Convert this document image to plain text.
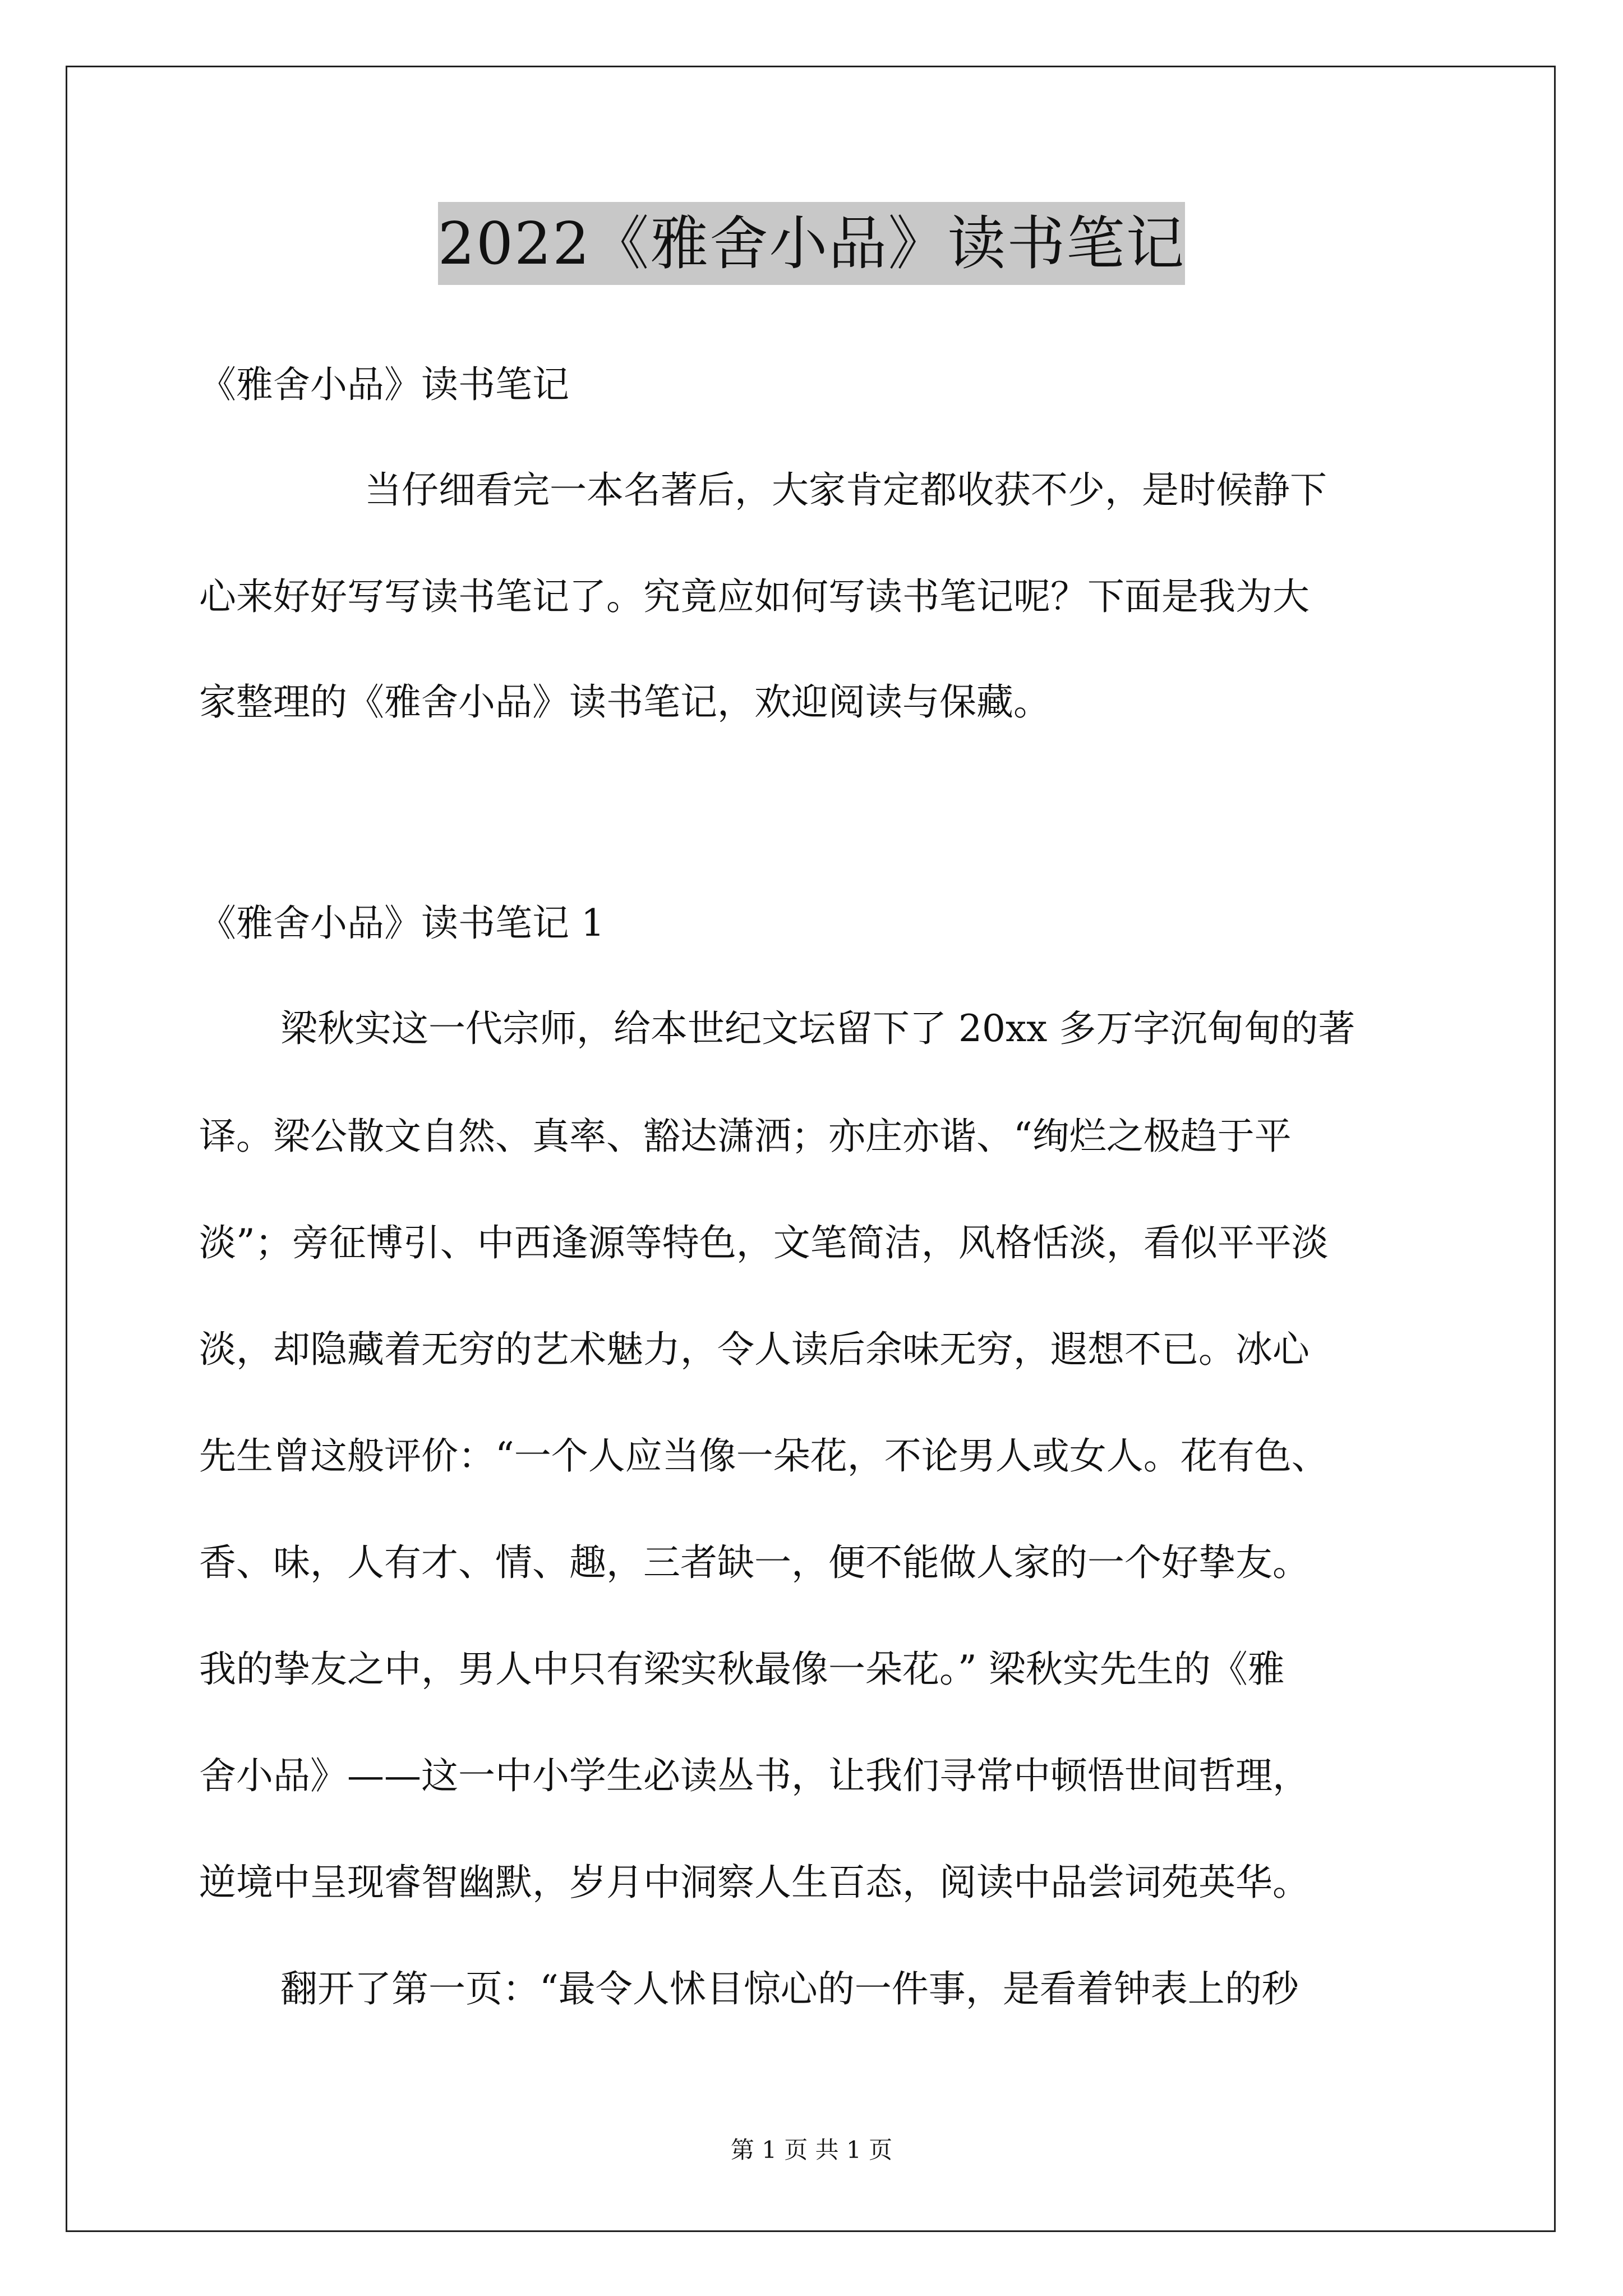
2022《雅舍小品》读书笔记

《雅舍小品》读书笔记

当仔细看完一本名著后，大家肯定都收获不少，是时候静下

心来好好写写读书笔记了。究竟应如何写读书笔记呢？下面是我为大

家整理的《雅舍小品》读书笔记，欢迎阅读与保藏。

《雅舍小品》读书笔记 1

梁秋实这一代宗师，给本世纪文坛留下了 20xx 多万字沉甸甸的著

译。梁公散文自然、真率、豁达潇洒；亦庄亦谐、“绚烂之极趋于平

淡”；旁征博引、中西逢源等特色，文笔简洁，风格恬淡，看似平平淡

淡，却隐藏着无穷的艺术魅力，令人读后余味无穷，遐想不已。冰心

先生曾这般评价：“一个人应当像一朵花，不论男人或女人。花有色、

香、味，人有才、情、趣，三者缺一，便不能做人家的一个好挚友。

我的挚友之中，男人中只有梁实秋最像一朵花。” 梁秋实先生的《雅

舍小品》——这一中小学生必读丛书，让我们寻常中顿悟世间哲理，

逆境中呈现睿智幽默，岁月中洞察人生百态，阅读中品尝词苑英华。

翻开了第一页：“最令人怵目惊心的一件事，是看着钟表上的秒

第 1 页 共 1 页
